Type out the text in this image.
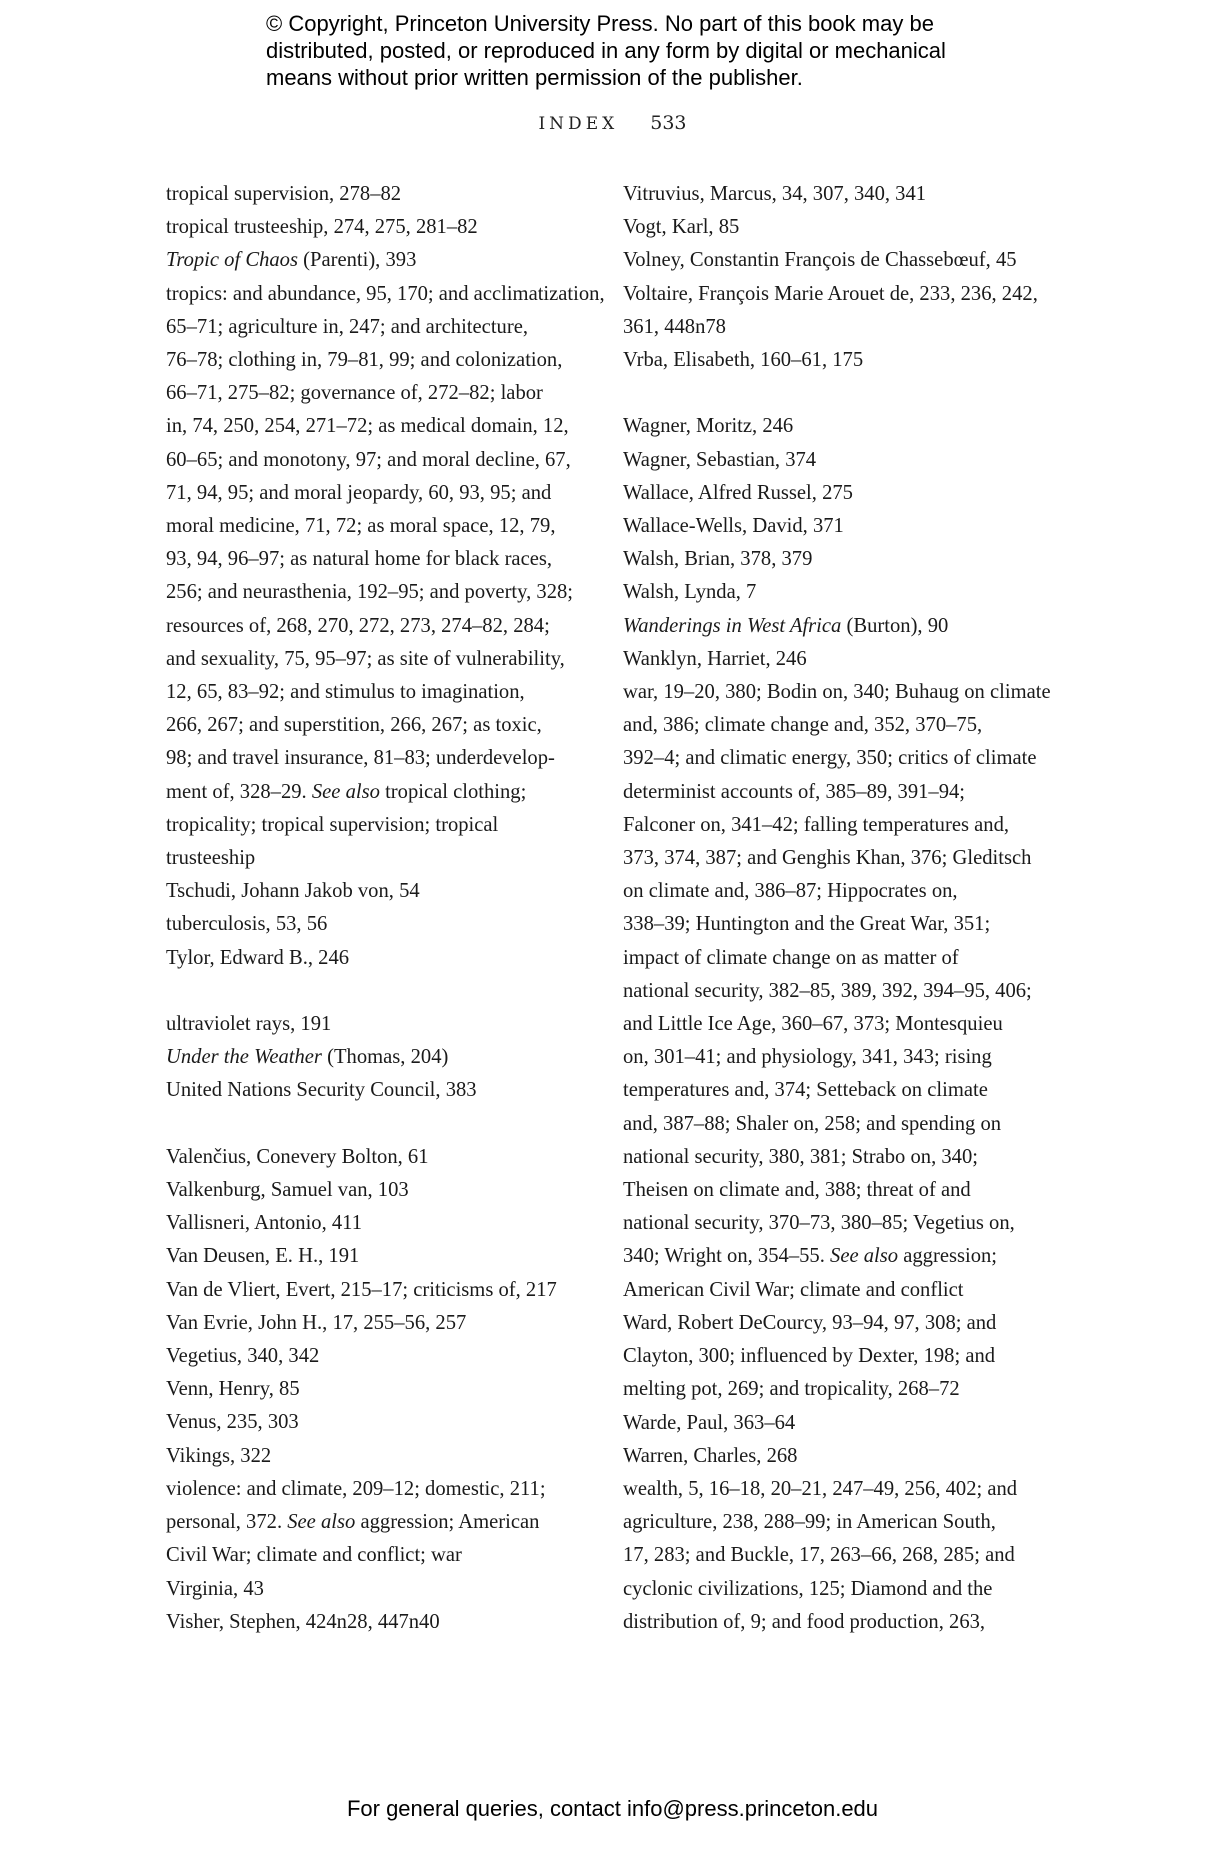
© Copyright, Princeton University Press. No part of this book may be
distributed, posted, or reproduced in any form by digital or mechanical
means without prior written permission of the publisher.
INDEX 533
tropical supervision, 278–82
tropical trusteeship, 274, 275, 281–82
Tropic of Chaos (Parenti), 393
tropics: and abundance, 95, 170; and acclimatization,
65–71; agriculture in, 247; and architecture,
76–78; clothing in, 79–81, 99; and colonization,
66–71, 275–82; governance of, 272–82; labor
in, 74, 250, 254, 271–72; as medical domain, 12,
60–65; and monotony, 97; and moral decline, 67,
71, 94, 95; and moral jeopardy, 60, 93, 95; and
moral medicine, 71, 72; as moral space, 12, 79,
93, 94, 96–97; as natural home for black races,
256; and neurasthenia, 192–95; and poverty, 328;
resources of, 268, 270, 272, 273, 274–82, 284;
and sexuality, 75, 95–97; as site of vulnerability,
12, 65, 83–92; and stimulus to imagination,
266, 267; and superstition, 266, 267; as toxic,
98; and travel insurance, 81–83; underdevelop-
ment of, 328–29. See also tropical clothing;
tropicality; tropical supervision; tropical
trusteeship
Tschudi, Johann Jakob von, 54
tuberculosis, 53, 56
Tylor, Edward B., 246
ultraviolet rays, 191
Under the Weather (Thomas, 204)
United Nations Security Council, 383
Valenčius, Conevery Bolton, 61
Valkenburg, Samuel van, 103
Vallisneri, Antonio, 411
Van Deusen, E. H., 191
Van de Vliert, Evert, 215–17; criticisms of, 217
Van Evrie, John H., 17, 255–56, 257
Vegetius, 340, 342
Venn, Henry, 85
Venus, 235, 303
Vikings, 322
violence: and climate, 209–12; domestic, 211;
personal, 372. See also aggression; American
Civil War; climate and conflict; war
Virginia, 43
Visher, Stephen, 424n28, 447n40
Vitruvius, Marcus, 34, 307, 340, 341
Vogt, Karl, 85
Volney, Constantin François de Chassebœuf, 45
Voltaire, François Marie Arouet de, 233, 236, 242,
361, 448n78
Vrba, Elisabeth, 160–61, 175
Wagner, Moritz, 246
Wagner, Sebastian, 374
Wallace, Alfred Russel, 275
Wallace-Wells, David, 371
Walsh, Brian, 378, 379
Walsh, Lynda, 7
Wanderings in West Africa (Burton), 90
Wanklyn, Harriet, 246
war, 19–20, 380; Bodin on, 340; Buhaug on climate
and, 386; climate change and, 352, 370–75,
392–4; and climatic energy, 350; critics of climate
determinist accounts of, 385–89, 391–94;
Falconer on, 341–42; falling temperatures and,
373, 374, 387; and Genghis Khan, 376; Gleditsch
on climate and, 386–87; Hippocrates on,
338–39; Huntington and the Great War, 351;
impact of climate change on as matter of
national security, 382–85, 389, 392, 394–95, 406;
and Little Ice Age, 360–67, 373; Montesquieu
on, 301–41; and physiology, 341, 343; rising
temperatures and, 374; Setteback on climate
and, 387–88; Shaler on, 258; and spending on
national security, 380, 381; Strabo on, 340;
Theisen on climate and, 388; threat of and
national security, 370–73, 380–85; Vegetius on,
340; Wright on, 354–55. See also aggression;
American Civil War; climate and conflict
Ward, Robert DeCourcy, 93–94, 97, 308; and
Clayton, 300; influenced by Dexter, 198; and
melting pot, 269; and tropicality, 268–72
Warde, Paul, 363–64
Warren, Charles, 268
wealth, 5, 16–18, 20–21, 247–49, 256, 402; and
agriculture, 238, 288–99; in American South,
17, 283; and Buckle, 17, 263–66, 268, 285; and
cyclonic civilizations, 125; Diamond and the
distribution of, 9; and food production, 263,
For general queries, contact info@press.princeton.edu
